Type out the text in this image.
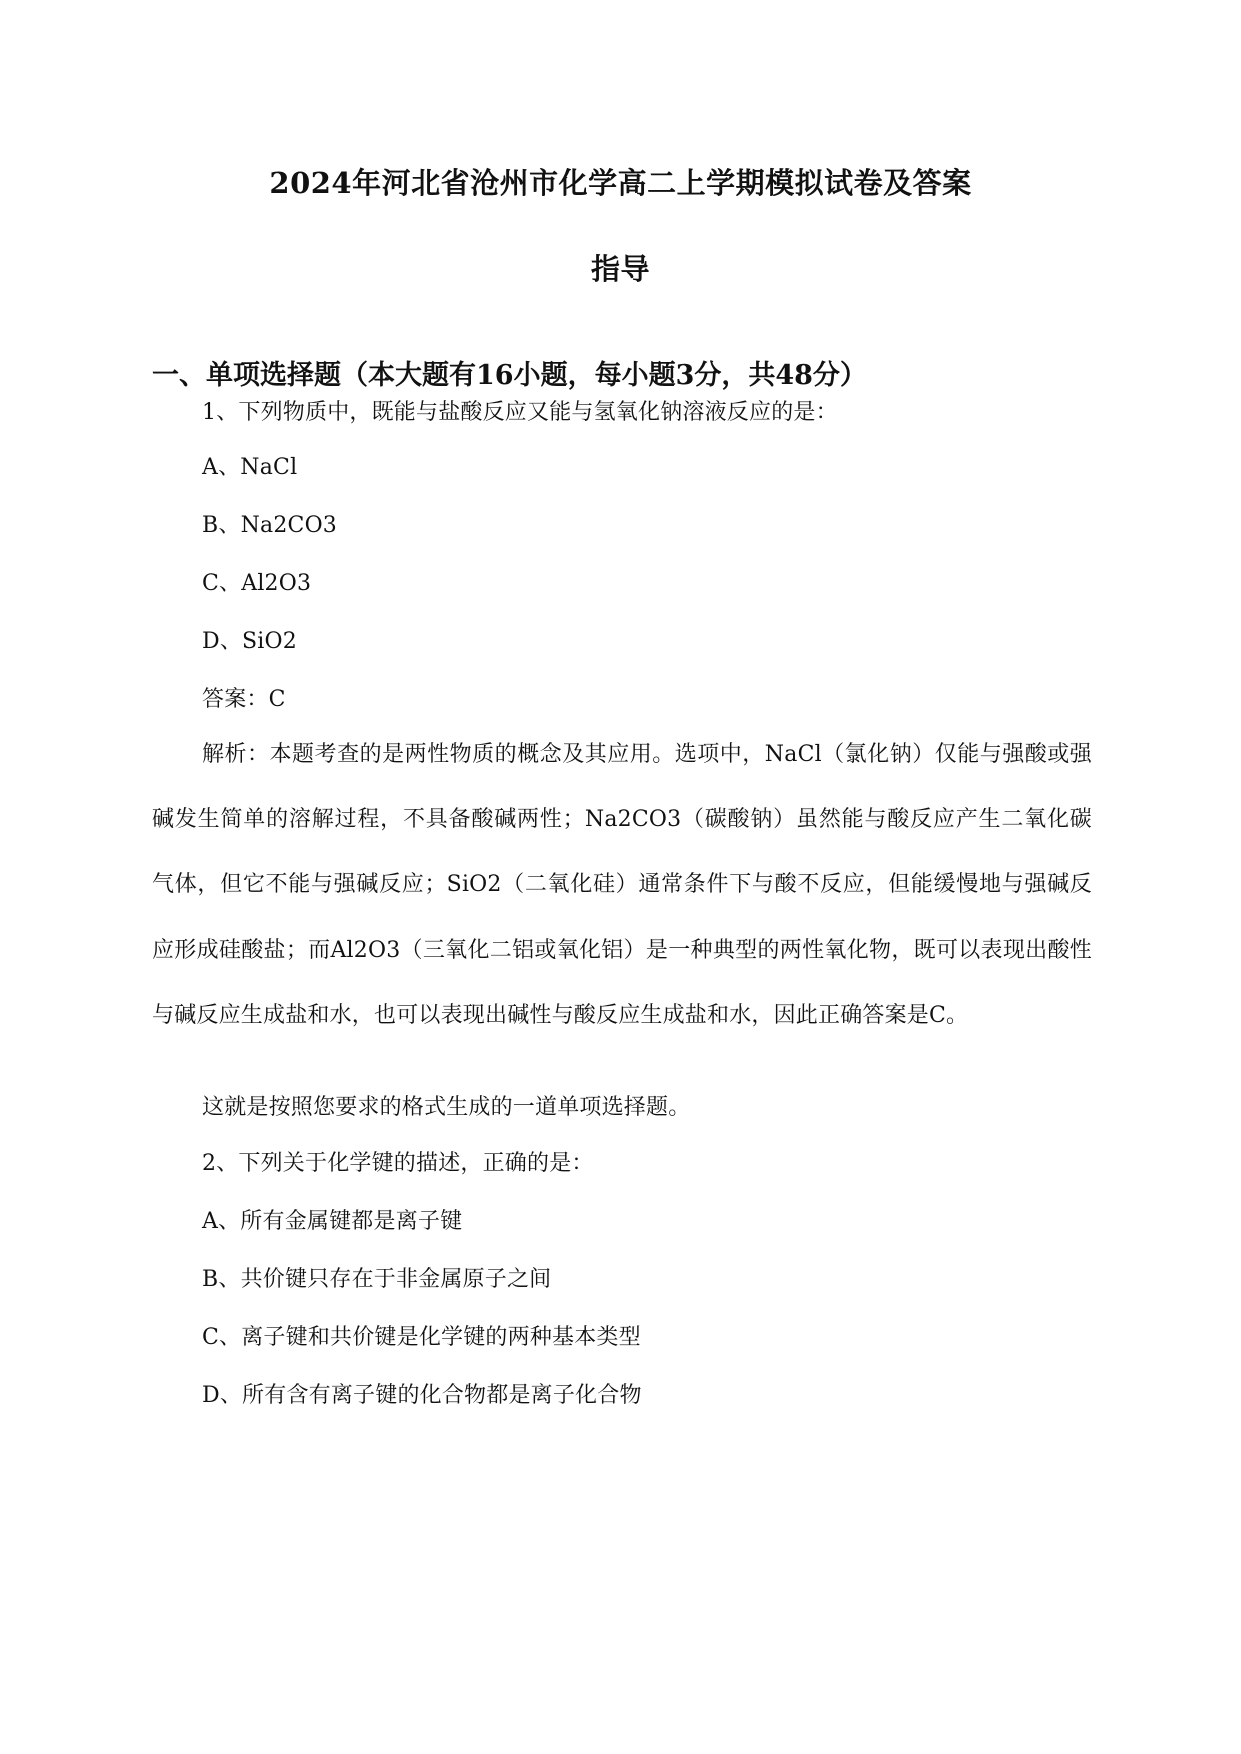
2024年河北省沧州市化学高二上学期模拟试卷及答案
指导
一、单项选择题（本大题有16小题，每小题3分，共48分）
1、下列物质中，既能与盐酸反应又能与氢氧化钠溶液反应的是：
A、NaCl
B、Na2CO3
C、Al2O3
D、SiO2
答案：C
解析：本题考查的是两性物质的概念及其应用。选项中，NaCl（氯化钠）仅能与强酸或强碱发生简单的溶解过程，不具备酸碱两性；Na2CO3（碳酸钠）虽然能与酸反应产生二氧化碳气体，但它不能与强碱反应；SiO2（二氧化硅）通常条件下与酸不反应，但能缓慢地与强碱反应形成硅酸盐；而Al2O3（三氧化二铝或氧化铝）是一种典型的两性氧化物，既可以表现出酸性与碱反应生成盐和水，也可以表现出碱性与酸反应生成盐和水，因此正确答案是C。
这就是按照您要求的格式生成的一道单项选择题。
2、下列关于化学键的描述，正确的是：
A、所有金属键都是离子键
B、共价键只存在于非金属原子之间
C、离子键和共价键是化学键的两种基本类型
D、所有含有离子键的化合物都是离子化合物
